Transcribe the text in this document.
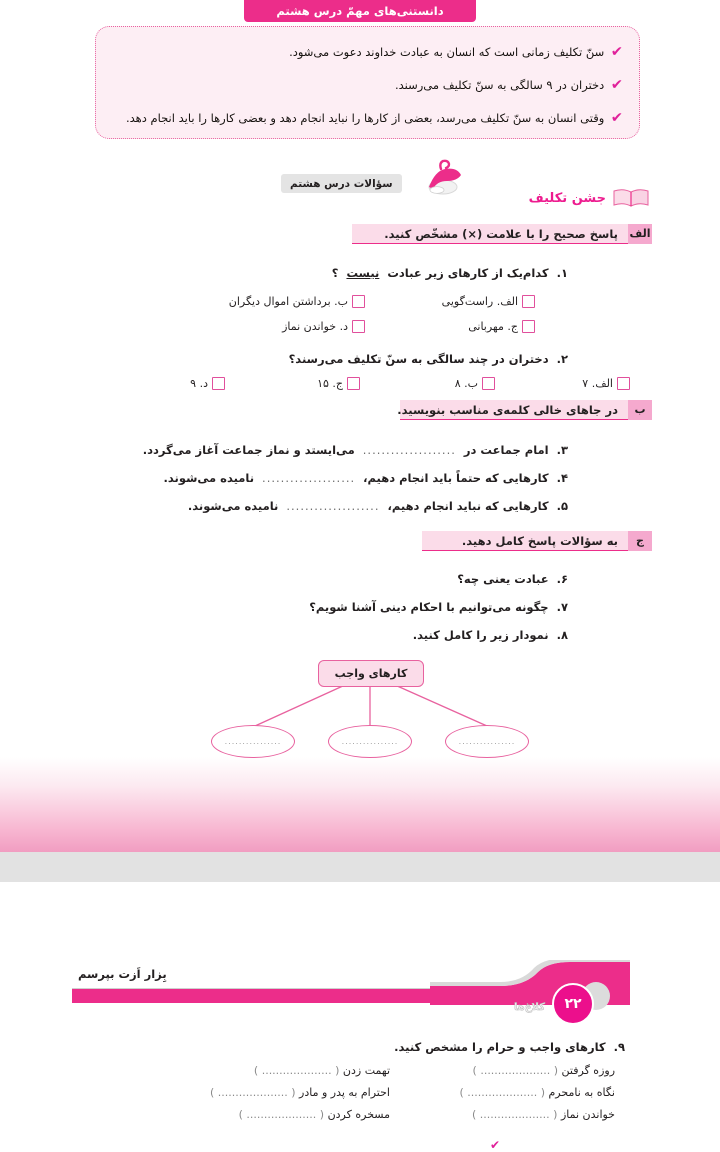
دانستنی‌های مهمّ درس هشتم
✔
سنّ تکلیف زمانی است که انسان به عبادت خداوند دعوت می‌شود.
✔
دختران در ۹ سالگی به سنّ تکلیف می‌رسند.
✔
وقتی انسان به سنّ تکلیف می‌رسد، بعضی از کارها را نباید انجام دهد و بعضی کارها را باید انجام دهد.
سؤالات درس هشتم
جشن تکلیف
الف
پاسخ صحیح را با علامت (×) مشخّص کنید.
۱.
کدام‌یک از کارهای زیر عبادت
نیست
؟
الف. راست‌گویی
ب. برداشتن اموال دیگران
ج. مهربانی
د. خواندن نماز
۲.
دختران در چند سالگی به سنّ تکلیف می‌رسند؟
الف. ۷
ب. ۸
ج. ۱۵
د. ۹
ب
در جاهای خالی کلمه‌ی مناسب بنویسید.
۳.
امام جماعت در
....................
می‌ایستد و نماز جماعت آغاز می‌گردد.
۴.
کارهایی که حتماً باید انجام دهیم،
....................
نامیده می‌شوند.
۵.
کارهایی که نباید انجام دهیم،
....................
نامیده می‌شوند.
ج
به سؤالات پاسخ کامل دهید.
۶.
عبادت یعنی چه؟
۷.
چگونه می‌توانیم با احکام دینی آشنا شویم؟
۸.
نمودار زیر را کامل کنید.
کارهای واجب
................	................	................
بِزار اَزت بپرسم
۲۲
کلاغ‌ها
۹.
کارهای واجب و حرام را مشخص کنید.
روزه گرفتن ( .................... )
نگاه به نامحرم ( .................... )
خواندن نماز ( .................... )
تهمت زدن ( .................... )
احترام به پدر و مادر ( .................... )
مسخره کردن ( .................... )
✔
